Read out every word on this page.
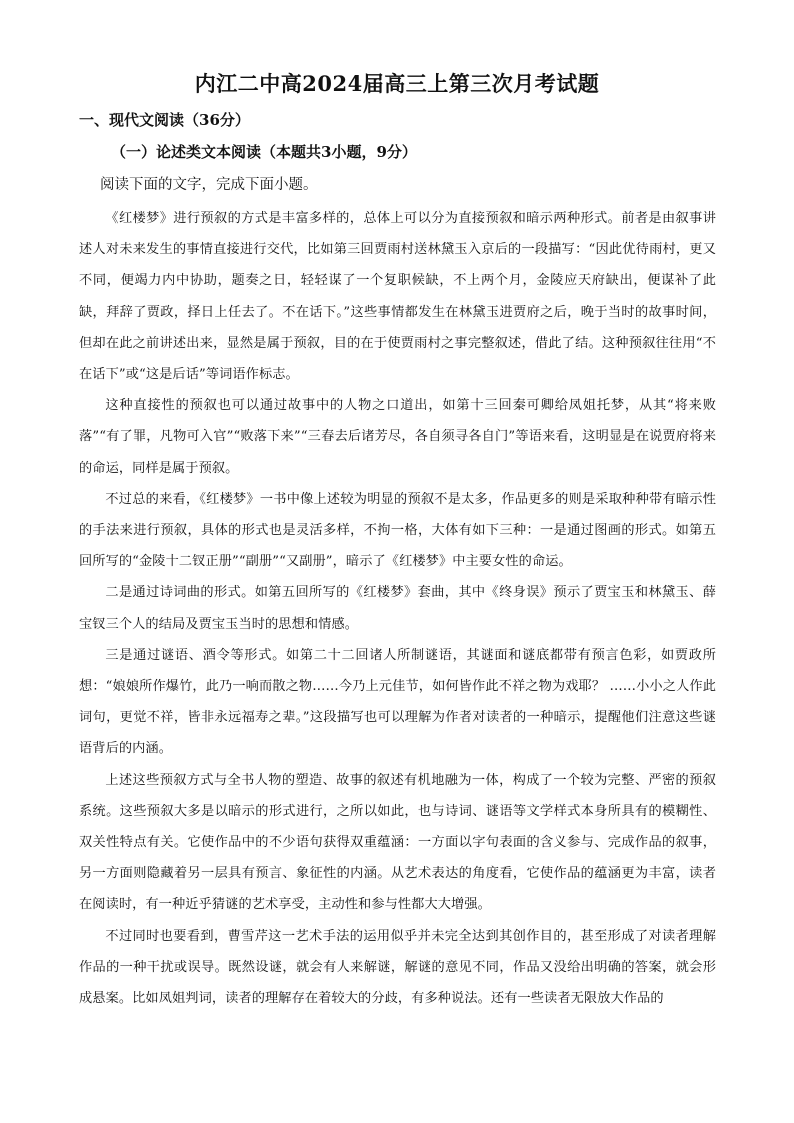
内江二中高2024届高三上第三次月考试题
一、现代文阅读（36分）
（一）论述类文本阅读（本题共3小题，9分）
阅读下面的文字，完成下面小题。

《红楼梦》进行预叙的方式是丰富多样的，总体上可以分为直接预叙和暗示两种形式。前者是由叙事讲述人对未来发生的事情直接进行交代，比如第三回贾雨村送林黛玉入京后的一段描写：“因此优待雨村，更又不同，便竭力内中协助，题奏之日，轻轻谋了一个复职候缺，不上两个月，金陵应天府缺出，便谋补了此缺，拜辞了贾政，择日上任去了。不在话下。”这些事情都发生在林黛玉进贾府之后，晚于当时的故事时间，但却在此之前讲述出来，显然是属于预叙，目的在于使贾雨村之事完整叙述，借此了结。这种预叙往往用“不在话下”或“这是后话”等词语作标志。

这种直接性的预叙也可以通过故事中的人物之口道出，如第十三回秦可卿给凤姐托梦，从其“将来败落”“有了罪，凡物可入官”“败落下来”“三春去后诸芳尽，各自须寻各自门”等语来看，这明显是在说贾府将来的命运，同样是属于预叙。

不过总的来看，《红楼梦》一书中像上述较为明显的预叙不是太多，作品更多的则是采取种种带有暗示性的手法来进行预叙，具体的形式也是灵活多样，不拘一格，大体有如下三种：一是通过图画的形式。如第五回所写的“金陵十二钗正册”“副册”“又副册”，暗示了《红楼梦》中主要女性的命运。

二是通过诗词曲的形式。如第五回所写的《红楼梦》套曲，其中《终身误》预示了贾宝玉和林黛玉、薛宝钗三个人的结局及贾宝玉当时的思想和情感。

三是通过谜语、酒令等形式。如第二十二回诸人所制谜语，其谜面和谜底都带有预言色彩，如贾政所想：“娘娘所作爆竹，此乃一响而散之物……今乃上元佳节，如何皆作此不祥之物为戏耶？ ……小小之人作此词句，更觉不祥，皆非永远福寿之辈。”这段描写也可以理解为作者对读者的一种暗示，提醒他们注意这些谜语背后的内涵。

上述这些预叙方式与全书人物的塑造、故事的叙述有机地融为一体，构成了一个较为完整、严密的预叙系统。这些预叙大多是以暗示的形式进行，之所以如此，也与诗词、谜语等文学样式本身所具有的模糊性、双关性特点有关。它使作品中的不少语句获得双重蕴涵：一方面以字句表面的含义参与、完成作品的叙事，另一方面则隐藏着另一层具有预言、象征性的内涵。从艺术表达的角度看，它使作品的蕴涵更为丰富，读者在阅读时，有一种近乎猜谜的艺术享受，主动性和参与性都大大增强。

不过同时也要看到，曹雪芹这一艺术手法的运用似乎并未完全达到其创作目的，甚至形成了对读者理解作品的一种干扰或误导。既然设谜，就会有人来解谜，解谜的意见不同，作品又没给出明确的答案，就会形成悬案。比如凤姐判词，读者的理解存在着较大的分歧，有多种说法。还有一些读者无限放大作品的
